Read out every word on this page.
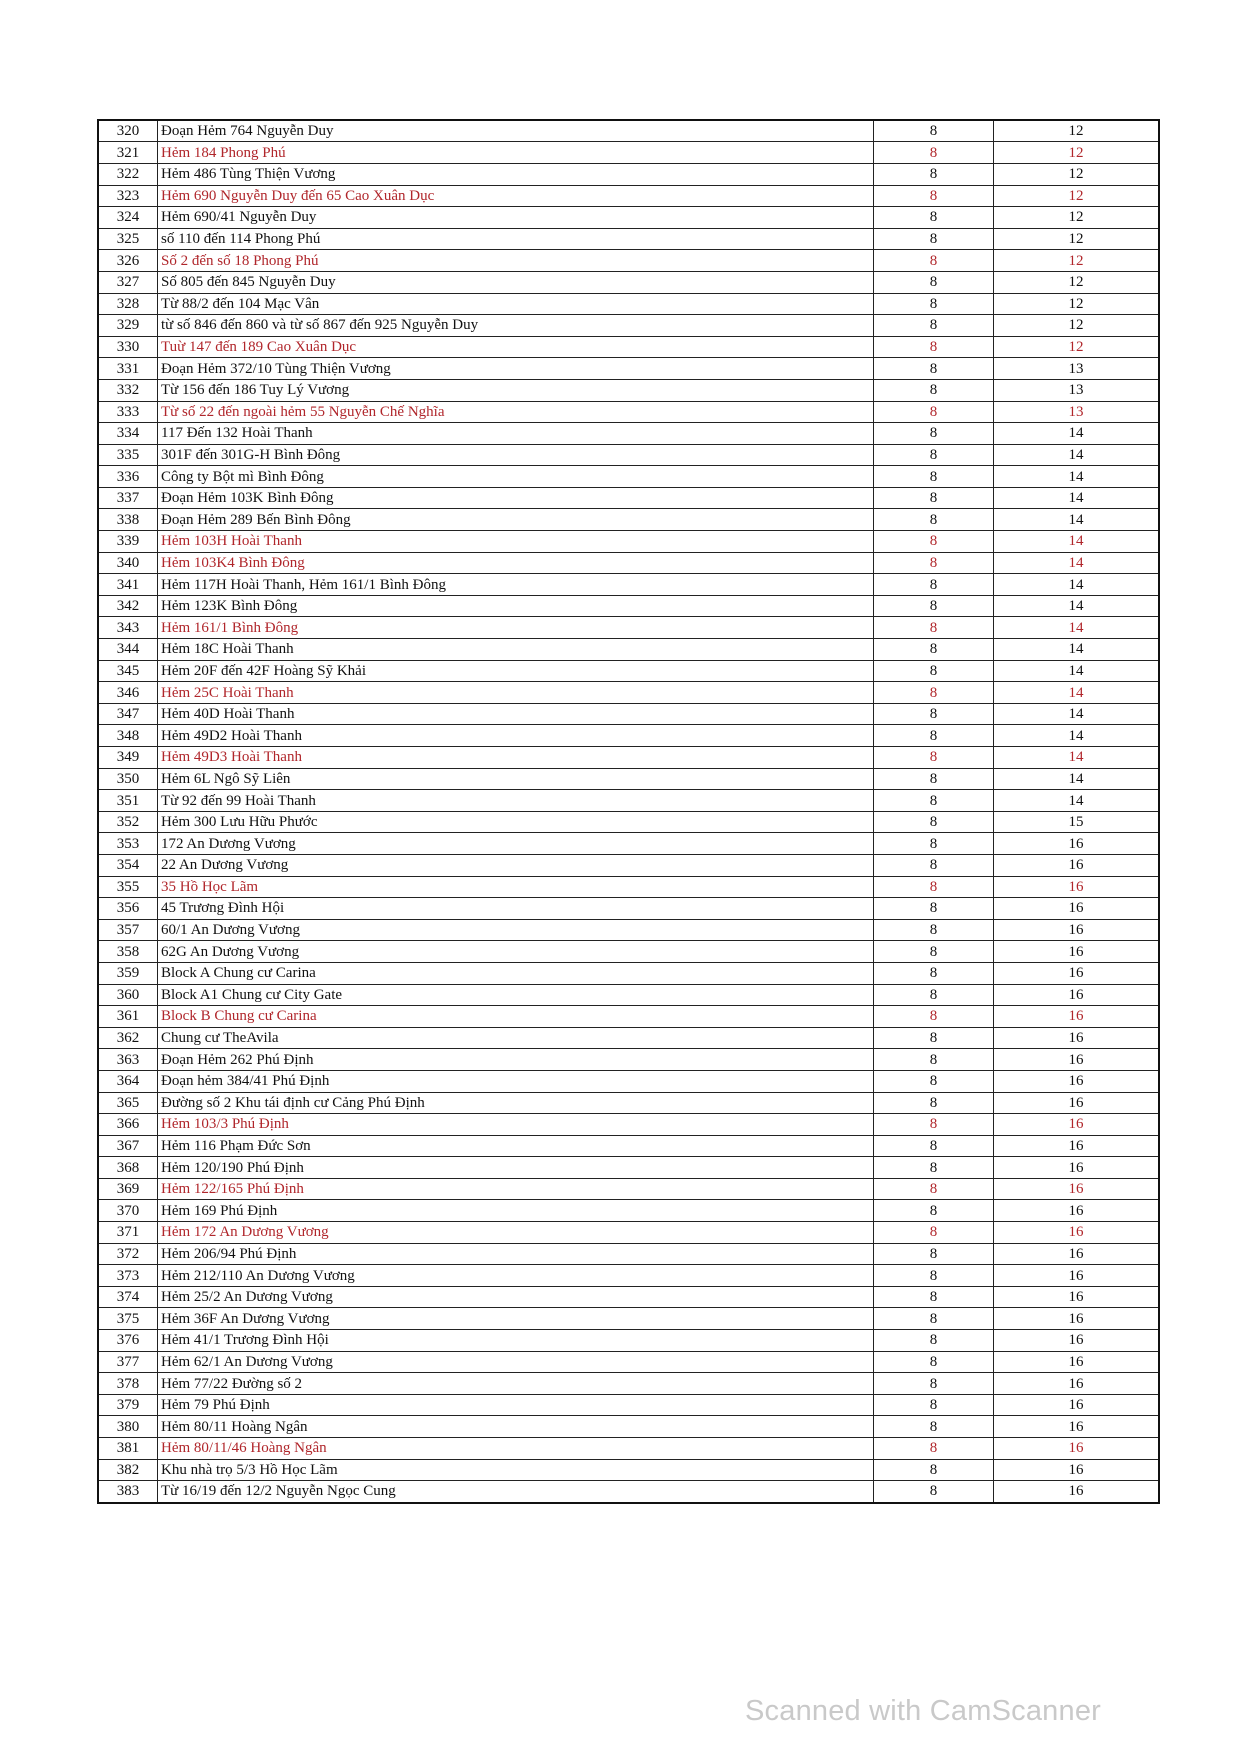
320	Đoạn Hẻm 764 Nguyễn Duy	8	12
321	Hẻm 184 Phong Phú	8	12
322	Hẻm 486 Tùng Thiện Vương	8	12
323	Hẻm 690 Nguyễn Duy đến 65 Cao Xuân Dục	8	12
324	Hẻm 690/41 Nguyễn Duy	8	12
325	số 110 đến 114 Phong Phú	8	12
326	Số 2 đến số 18 Phong Phú	8	12
327	Số 805 đến 845 Nguyễn Duy	8	12
328	Từ 88/2 đến 104 Mạc Vân	8	12
329	từ số 846 đến 860 và từ số 867 đến 925 Nguyễn Duy	8	12
330	Tuừ 147 đến 189 Cao Xuân Dục	8	12
331	Đoạn Hẻm 372/10 Tùng Thiện Vương	8	13
332	Từ 156 đến 186 Tuy Lý Vương	8	13
333	Từ số 22 đến ngoài hẻm 55 Nguyễn Chế Nghĩa	8	13
334	117 Đến 132 Hoài Thanh	8	14
335	301F đến 301G-H Bình Đông	8	14
336	Công ty Bột mì Bình Đông	8	14
337	Đoạn Hẻm 103K Bình Đông	8	14
338	Đoạn Hẻm 289 Bến Bình Đông	8	14
339	Hẻm 103H Hoài Thanh	8	14
340	Hẻm 103K4 Bình Đông	8	14
341	Hẻm 117H Hoài Thanh, Hẻm 161/1 Bình Đông	8	14
342	Hẻm 123K Bình Đông	8	14
343	Hẻm 161/1 Bình Đông	8	14
344	Hẻm 18C Hoài Thanh	8	14
345	Hẻm 20F đến 42F Hoàng Sỹ Khải	8	14
346	Hẻm 25C Hoài Thanh	8	14
347	Hẻm 40D Hoài Thanh	8	14
348	Hẻm 49D2 Hoài Thanh	8	14
349	Hẻm 49D3 Hoài Thanh	8	14
350	Hẻm 6L Ngô Sỹ Liên	8	14
351	Từ 92 đến 99 Hoài Thanh	8	14
352	Hẻm 300 Lưu Hữu Phước	8	15
353	172 An Dương Vương	8	16
354	22 An Dương Vương	8	16
355	35 Hồ Học Lãm	8	16
356	45 Trương Đình Hội	8	16
357	60/1 An Dương Vương	8	16
358	62G An Dương Vương	8	16
359	Block A Chung cư Carina	8	16
360	Block A1 Chung cư City Gate	8	16
361	Block B Chung cư Carina	8	16
362	Chung cư TheAvila	8	16
363	Đoạn Hẻm 262 Phú Định	8	16
364	Đoạn hẻm 384/41 Phú Định	8	16
365	Đường số 2 Khu tái định cư Cảng Phú Định	8	16
366	Hẻm 103/3 Phú Định	8	16
367	Hẻm 116 Phạm Đức Sơn	8	16
368	Hẻm 120/190 Phú Định	8	16
369	Hẻm 122/165 Phú Định	8	16
370	Hẻm 169 Phú Định	8	16
371	Hẻm 172 An Dương Vương	8	16
372	Hẻm 206/94 Phú Định	8	16
373	Hẻm 212/110 An Dương Vương	8	16
374	Hẻm 25/2 An Dương Vương	8	16
375	Hẻm 36F An Dương Vương	8	16
376	Hẻm 41/1 Trương Đình Hội	8	16
377	Hẻm 62/1 An Dương Vương	8	16
378	Hẻm 77/22 Đường số 2	8	16
379	Hẻm 79 Phú Định	8	16
380	Hẻm 80/11 Hoàng Ngân	8	16
381	Hẻm 80/11/46 Hoàng Ngân	8	16
382	Khu nhà trọ 5/3 Hồ Học Lãm	8	16
383	Từ 16/19 đến 12/2 Nguyễn Ngọc Cung	8	16
Scanned with CamScanner
